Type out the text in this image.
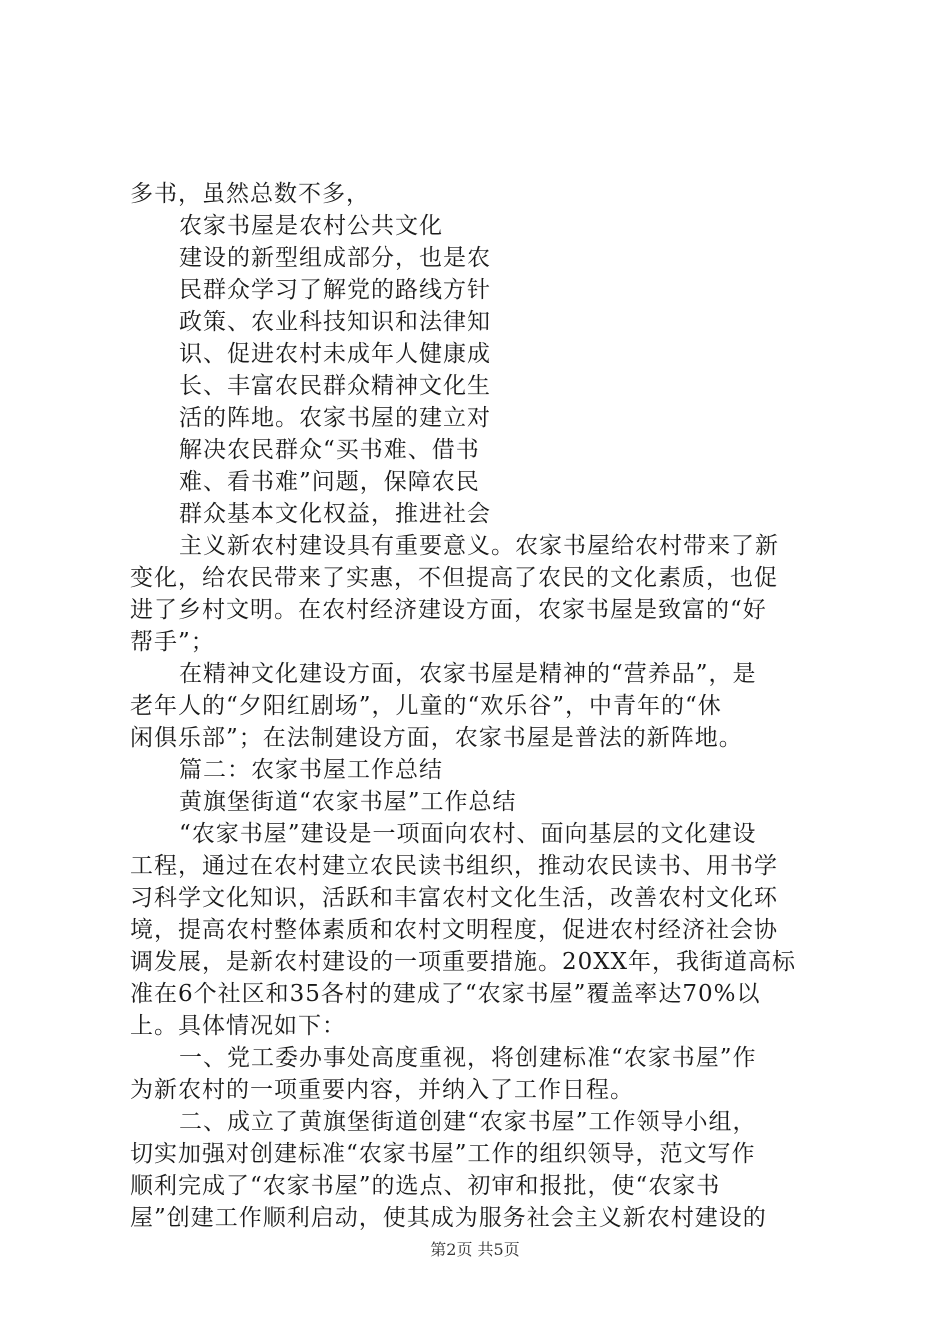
多书，虽然总数不多，
农家书屋是农村公共文化
建设的新型组成部分，也是农
民群众学习了解党的路线方针
政策、农业科技知识和法律知
识、促进农村未成年人健康成
长、丰富农民群众精神文化生
活的阵地。农家书屋的建立对
解决农民群众“买书难、借书
难、看书难”问题，保障农民
群众基本文化权益，推进社会
主义新农村建设具有重要意义。农家书屋给农村带来了新
变化，给农民带来了实惠，不但提高了农民的文化素质，也促
进了乡村文明。在农村经济建设方面，农家书屋是致富的“好
帮手”；
在精神文化建设方面，农家书屋是精神的“营养品”，是
老年人的“夕阳红剧场”，儿童的“欢乐谷”，中青年的“休
闲俱乐部”；在法制建设方面，农家书屋是普法的新阵地。
篇二：农家书屋工作总结
黄旗堡街道“农家书屋”工作总结
“农家书屋”建设是一项面向农村、面向基层的文化建设
工程，通过在农村建立农民读书组织，推动农民读书、用书学
习科学文化知识，活跃和丰富农村文化生活，改善农村文化环
境，提高农村整体素质和农村文明程度，促进农村经济社会协
调发展，是新农村建设的一项重要措施。20XX年，我街道高标
准在6个社区和35各村的建成了“农家书屋”覆盖率达70%以
上。具体情况如下：
一、党工委办事处高度重视，将创建标准“农家书屋”作
为新农村的一项重要内容，并纳入了工作日程。
二、成立了黄旗堡街道创建“农家书屋”工作领导小组，
切实加强对创建标准“农家书屋”工作的组织领导，范文写作
顺利完成了“农家书屋”的选点、初审和报批，使“农家书
屋”创建工作顺利启动，使其成为服务社会主义新农村建设的
第2页 共5页
